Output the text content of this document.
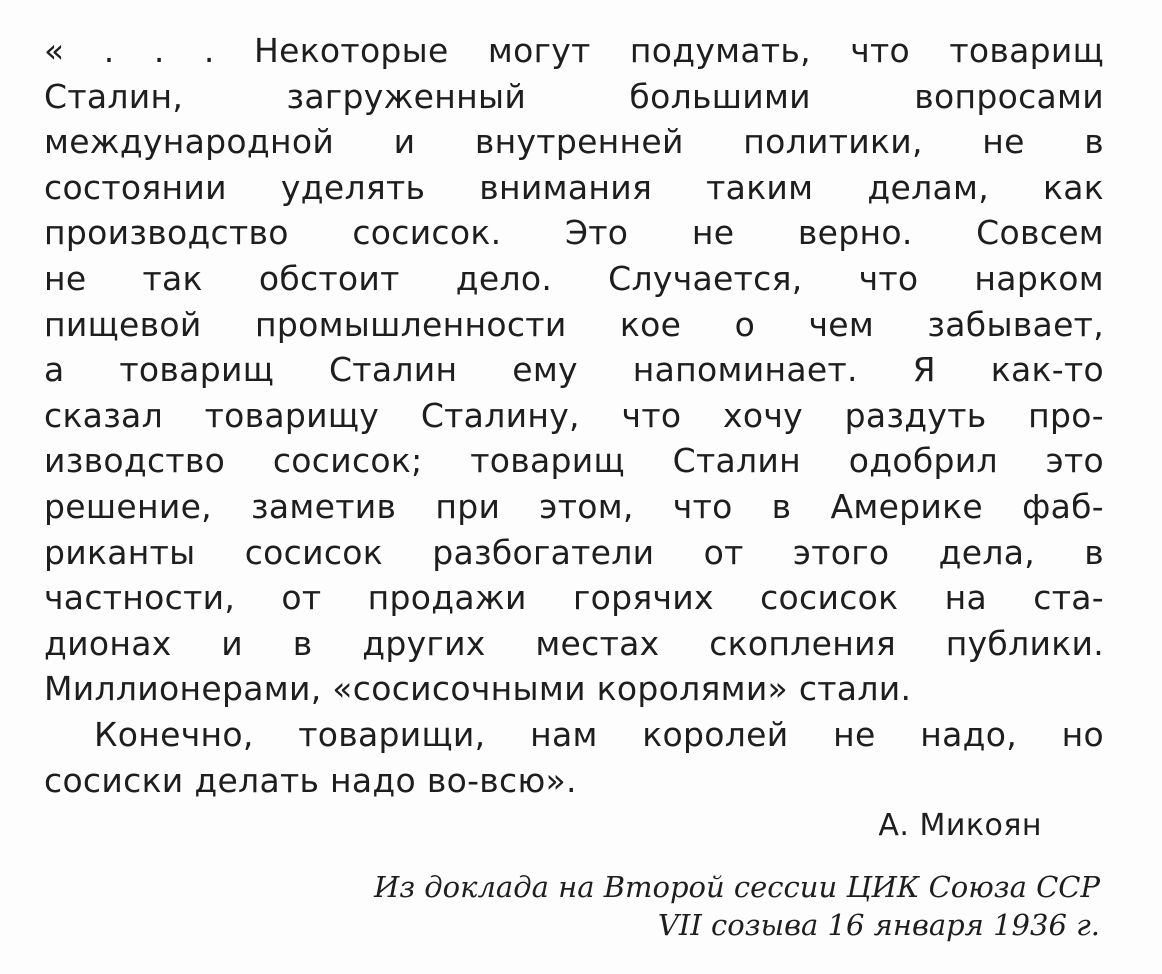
« . . . Некоторые могут подумать, что товарищ
Сталин, загруженный большими вопросами
международной и внутренней политики, не в
состоянии уделять внимания таким делам, как
производство сосисок. Это не верно. Совсем
не так обстоит дело. Случается, что нарком
пищевой промышленности кое о чем забывает,
а товарищ Сталин ему напоминает. Я как-то
сказал товарищу Сталину, что хочу раздуть про-
изводство сосисок; товарищ Сталин одобрил это
решение, заметив при этом, что в Америке фаб-
риканты сосисок разбогатели от этого дела, в
частности, от продажи горячих сосисок на ста-
дионах и в других местах скопления публики.
Миллионерами, «сосисочными королями» стали.
Конечно, товарищи, нам королей не надо, но
сосиски делать надо во-всю».
А. Микоян
Из доклада на Второй сессии ЦИК Союза ССР
VII созыва 16 января 1936 г.
